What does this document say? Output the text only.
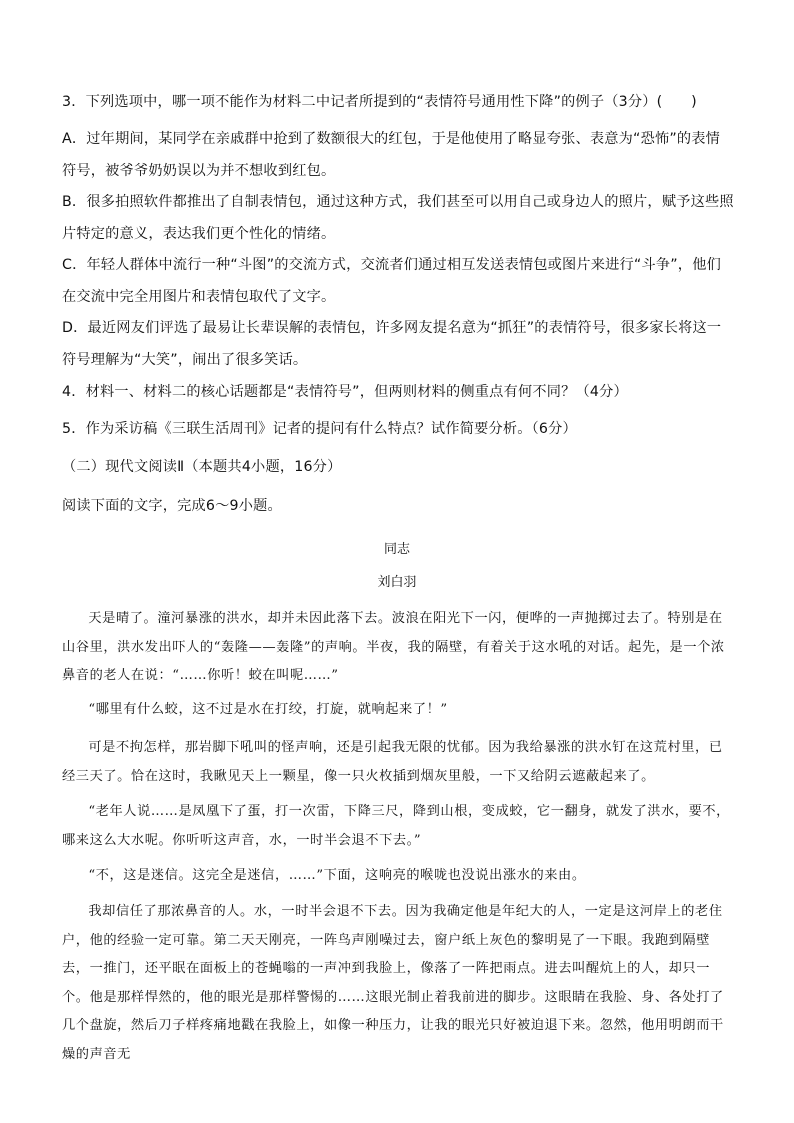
3．下列选项中，哪一项不能作为材料二中记者所提到的“表情符号通用性下降”的例子（3分）(　　)

A．过年期间，某同学在亲戚群中抢到了数额很大的红包，于是他使用了略显夸张、表意为“恐怖”的表情符号，被爷爷奶奶误以为并不想收到红包。

B．很多拍照软件都推出了自制表情包，通过这种方式，我们甚至可以用自己或身边人的照片，赋予这些照片特定的意义，表达我们更个性化的情绪。

C．年轻人群体中流行一种“斗图”的交流方式，交流者们通过相互发送表情包或图片来进行“斗争”，他们在交流中完全用图片和表情包取代了文字。

D．最近网友们评选了最易让长辈误解的表情包，许多网友提名意为“抓狂”的表情符号，很多家长将这一符号理解为“大笑”，闹出了很多笑话。

4．材料一、材料二的核心话题都是“表情符号”，但两则材料的侧重点有何不同？（4分）

5．作为采访稿《三联生活周刊》记者的提问有什么特点？试作简要分析。（6分）

（二）现代文阅读Ⅱ（本题共4小题，16分）

阅读下面的文字，完成6～9小题。

同志
刘白羽

天是晴了。潼河暴涨的洪水，却并未因此落下去。波浪在阳光下一闪，便哗的一声抛掷过去了。特别是在山谷里，洪水发出吓人的“轰隆——轰隆”的声响。半夜，我的隔壁，有着关于这水吼的对话。起先，是一个浓鼻音的老人在说：“……你听！蛟在叫呢……”

“哪里有什么蛟，这不过是水在打绞，打旋，就响起来了！”

可是不拘怎样，那岩脚下吼叫的怪声响，还是引起我无限的忧郁。因为我给暴涨的洪水钉在这荒村里，已经三天了。恰在这时，我瞅见天上一颗星，像一只火枚插到烟灰里般，一下又给阴云遮蔽起来了。

“老年人说……是凤凰下了蛋，打一次雷，下降三尺，降到山根，变成蛟，它一翻身，就发了洪水，要不，哪来这么大水呢。你听听这声音，水，一时半会退不下去。”

“不，这是迷信。这完全是迷信，……”下面，这响亮的喉咙也没说出涨水的来由。

我却信任了那浓鼻音的人。水，一时半会退不下去。因为我确定他是年纪大的人，一定是这河岸上的老住户，他的经验一定可靠。第二天天刚亮，一阵鸟声刚噪过去，窗户纸上灰色的黎明晃了一下眼。我跑到隔壁去，一推门，还平眠在面板上的苍蝇嗡的一声冲到我脸上，像落了一阵把雨点。进去叫醒炕上的人，却只一个。他是那样悍然的，他的眼光是那样警惕的……这眼光制止着我前进的脚步。这眼睛在我脸、身、各处打了几个盘旋，然后刀子样疼痛地戳在我脸上，如像一种压力，让我的眼光只好被迫退下来。忽然，他用明朗而干燥的声音无
